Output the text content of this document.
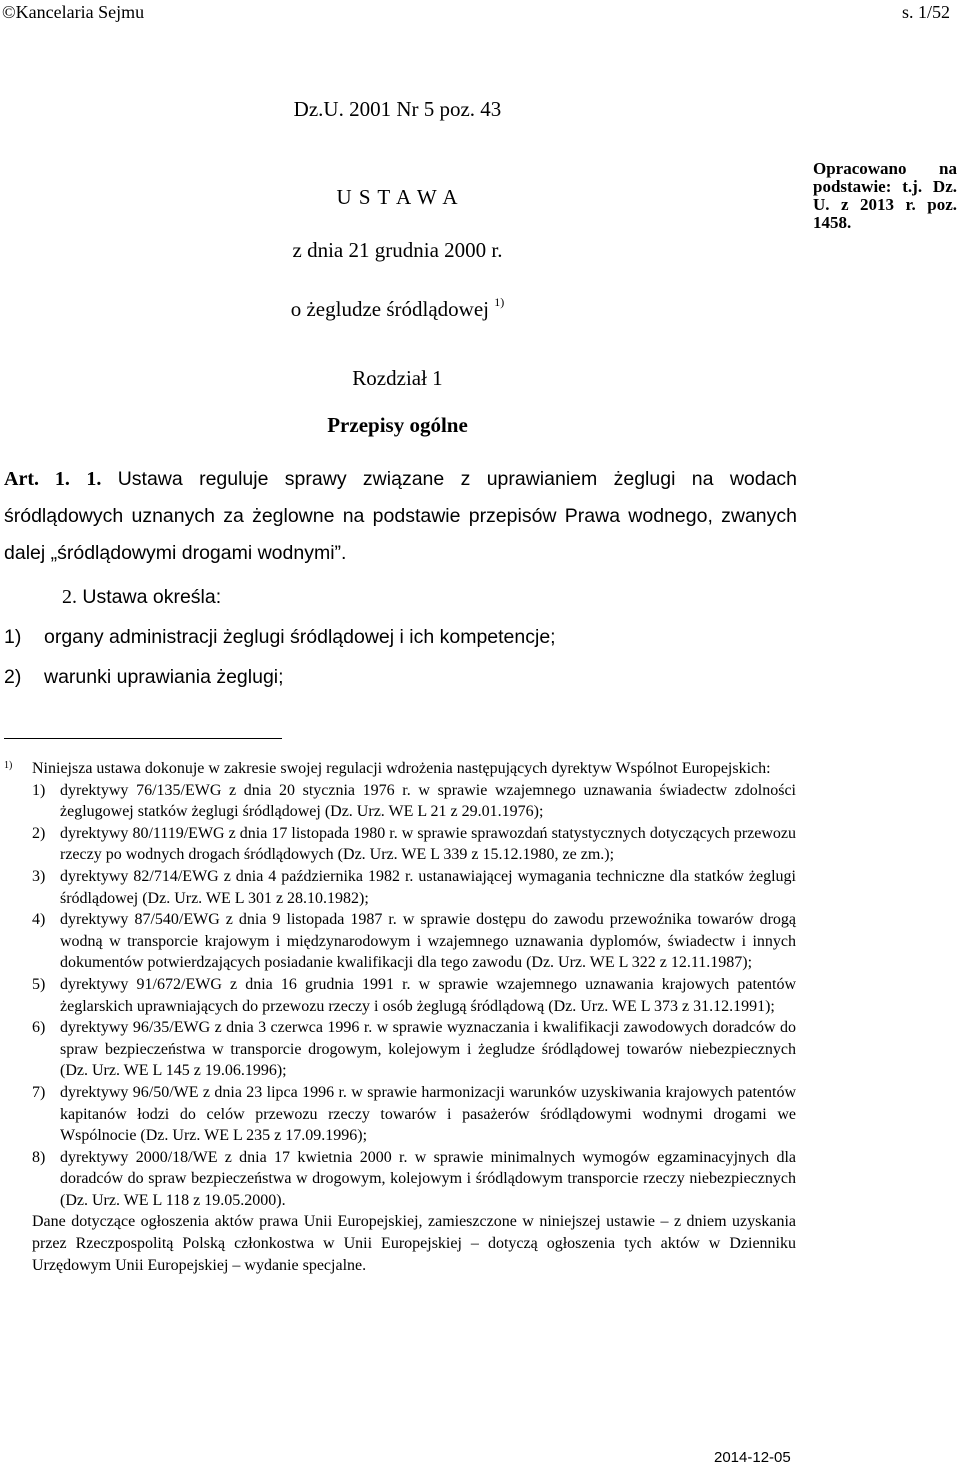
©Kancelaria Sejmu	s. 1/52
Dz.U. 2001 Nr 5 poz. 43
U S T A W A
z dnia 21 grudnia 2000 r.
o żegludze śródlądowej $^{1)}$
Opracowano na podstawie: t.j. Dz. U. z 2013 r. poz. 1458.
Rozdział 1
Przepisy ogólne
Art. 1. 1. Ustawa reguluje sprawy związane z uprawianiem żeglugi na wodach śródlądowych uznanych za żeglowne na podstawie przepisów Prawa wodnego, zwanych dalej „śródlądowymi drogami wodnymi”.
2. Ustawa określa:
1) organy administracji żeglugi śródlądowej i ich kompetencje;
2) warunki uprawiania żeglugi;
1) Niniejsza ustawa dokonuje w zakresie swojej regulacji wdrożenia następujących dyrektyw Wspólnot Europejskich:
1) dyrektywy 76/135/EWG z dnia 20 stycznia 1976 r. w sprawie wzajemnego uznawania świadectw zdolności żeglugowej statków żeglugi śródlądowej (Dz. Urz. WE L 21 z 29.01.1976);
2) dyrektywy 80/1119/EWG z dnia 17 listopada 1980 r. w sprawie sprawozdań statystycznych dotyczących przewozu rzeczy po wodnych drogach śródlądowych (Dz. Urz. WE L 339 z 15.12.1980, ze zm.);
3) dyrektywy 82/714/EWG z dnia 4 października 1982 r. ustanawiającej wymagania techniczne dla statków żeglugi śródlądowej (Dz. Urz. WE L 301 z 28.10.1982);
4) dyrektywy 87/540/EWG z dnia 9 listopada 1987 r. w sprawie dostępu do zawodu przewoźnika towarów drogą wodną w transporcie krajowym i międzynarodowym i wzajemnego uznawania dyplomów, świadectw i innych dokumentów potwierdzających posiadanie kwalifikacji dla tego zawodu (Dz. Urz. WE L 322 z 12.11.1987);
5) dyrektywy 91/672/EWG z dnia 16 grudnia 1991 r. w sprawie wzajemnego uznawania krajowych patentów żeglarskich uprawniających do przewozu rzeczy i osób żeglugą śródlądową (Dz. Urz. WE L 373 z 31.12.1991);
6) dyrektywy 96/35/EWG z dnia 3 czerwca 1996 r. w sprawie wyznaczania i kwalifikacji zawodowych doradców do spraw bezpieczeństwa w transporcie drogowym, kolejowym i żegludze śródlądowej towarów niebezpiecznych (Dz. Urz. WE L 145 z 19.06.1996);
7) dyrektywy 96/50/WE z dnia 23 lipca 1996 r. w sprawie harmonizacji warunków uzyskiwania krajowych patentów kapitanów łodzi do celów przewozu rzeczy towarów i pasażerów śródlądowymi wodnymi drogami we Wspólnocie (Dz. Urz. WE L 235 z 17.09.1996);
8) dyrektywy 2000/18/WE z dnia 17 kwietnia 2000 r. w sprawie minimalnych wymogów egzaminacyjnych dla doradców do spraw bezpieczeństwa w drogowym, kolejowym i śródlądowym transporcie rzeczy niebezpiecznych (Dz. Urz. WE L 118 z 19.05.2000).
Dane dotyczące ogłoszenia aktów prawa Unii Europejskiej, zamieszczone w niniejszej ustawie – z dniem uzyskania przez Rzeczpospolitą Polską członkostwa w Unii Europejskiej – dotyczą ogłoszenia tych aktów w Dzienniku Urzędowym Unii Europejskiej – wydanie specjalne.
2014-12-05
